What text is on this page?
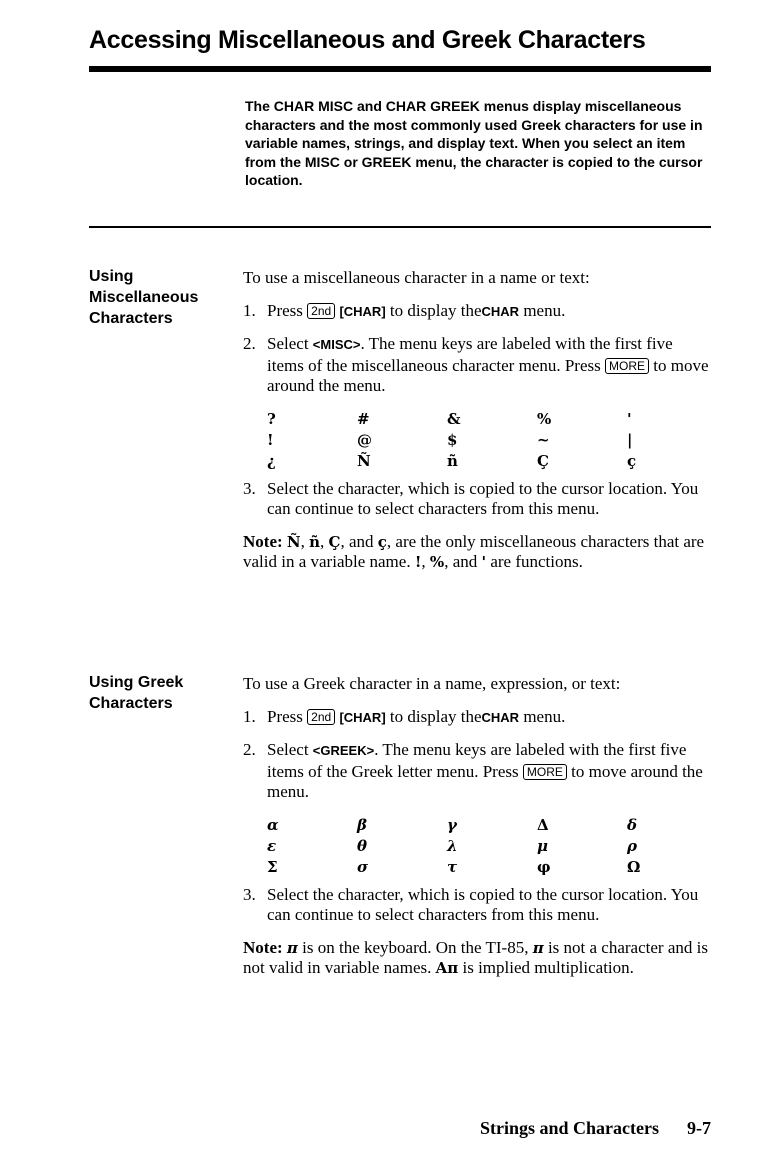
Accessing Miscellaneous and Greek Characters

The CHAR MISC and CHAR GREEK menus display miscellaneous characters and the most commonly used Greek characters for use in variable names, strings, and display text. When you select an item from the MISC or GREEK menu, the character is copied to the cursor location.

Using
Miscellaneous
Characters

To use a miscellaneous character in a name or text:

1. Press 2nd [CHAR] to display theCHAR menu.

2. Select <MISC>. The menu keys are labeled with the first five items of the miscellaneous character menu. Press MORE to move around the menu.

?	#	&	%	'
!	@	$	~	|
¿	Ñ	ñ	Ç	ç

3. Select the character, which is copied to the cursor location. You can continue to select characters from this menu.

Note: Ñ, ñ, Ç, and ç, are the only miscellaneous characters that are valid in a variable name. !, %, and ' are functions.

Using Greek
Characters

To use a Greek character in a name, expression, or text:

1. Press 2nd [CHAR] to display theCHAR menu.

2. Select <GREEK>. The menu keys are labeled with the first five items of the Greek letter menu. Press MORE to move around the menu.

α	β	γ	Δ	δ
ε	θ	λ	μ	ρ
Σ	σ	τ	φ	Ω

3. Select the character, which is copied to the cursor location. You can continue to select characters from this menu.

Note: π is on the keyboard. On the TI-85, π is not a character and is not valid in variable names. Aπ is implied multiplication.

Strings and Characters 9-7
